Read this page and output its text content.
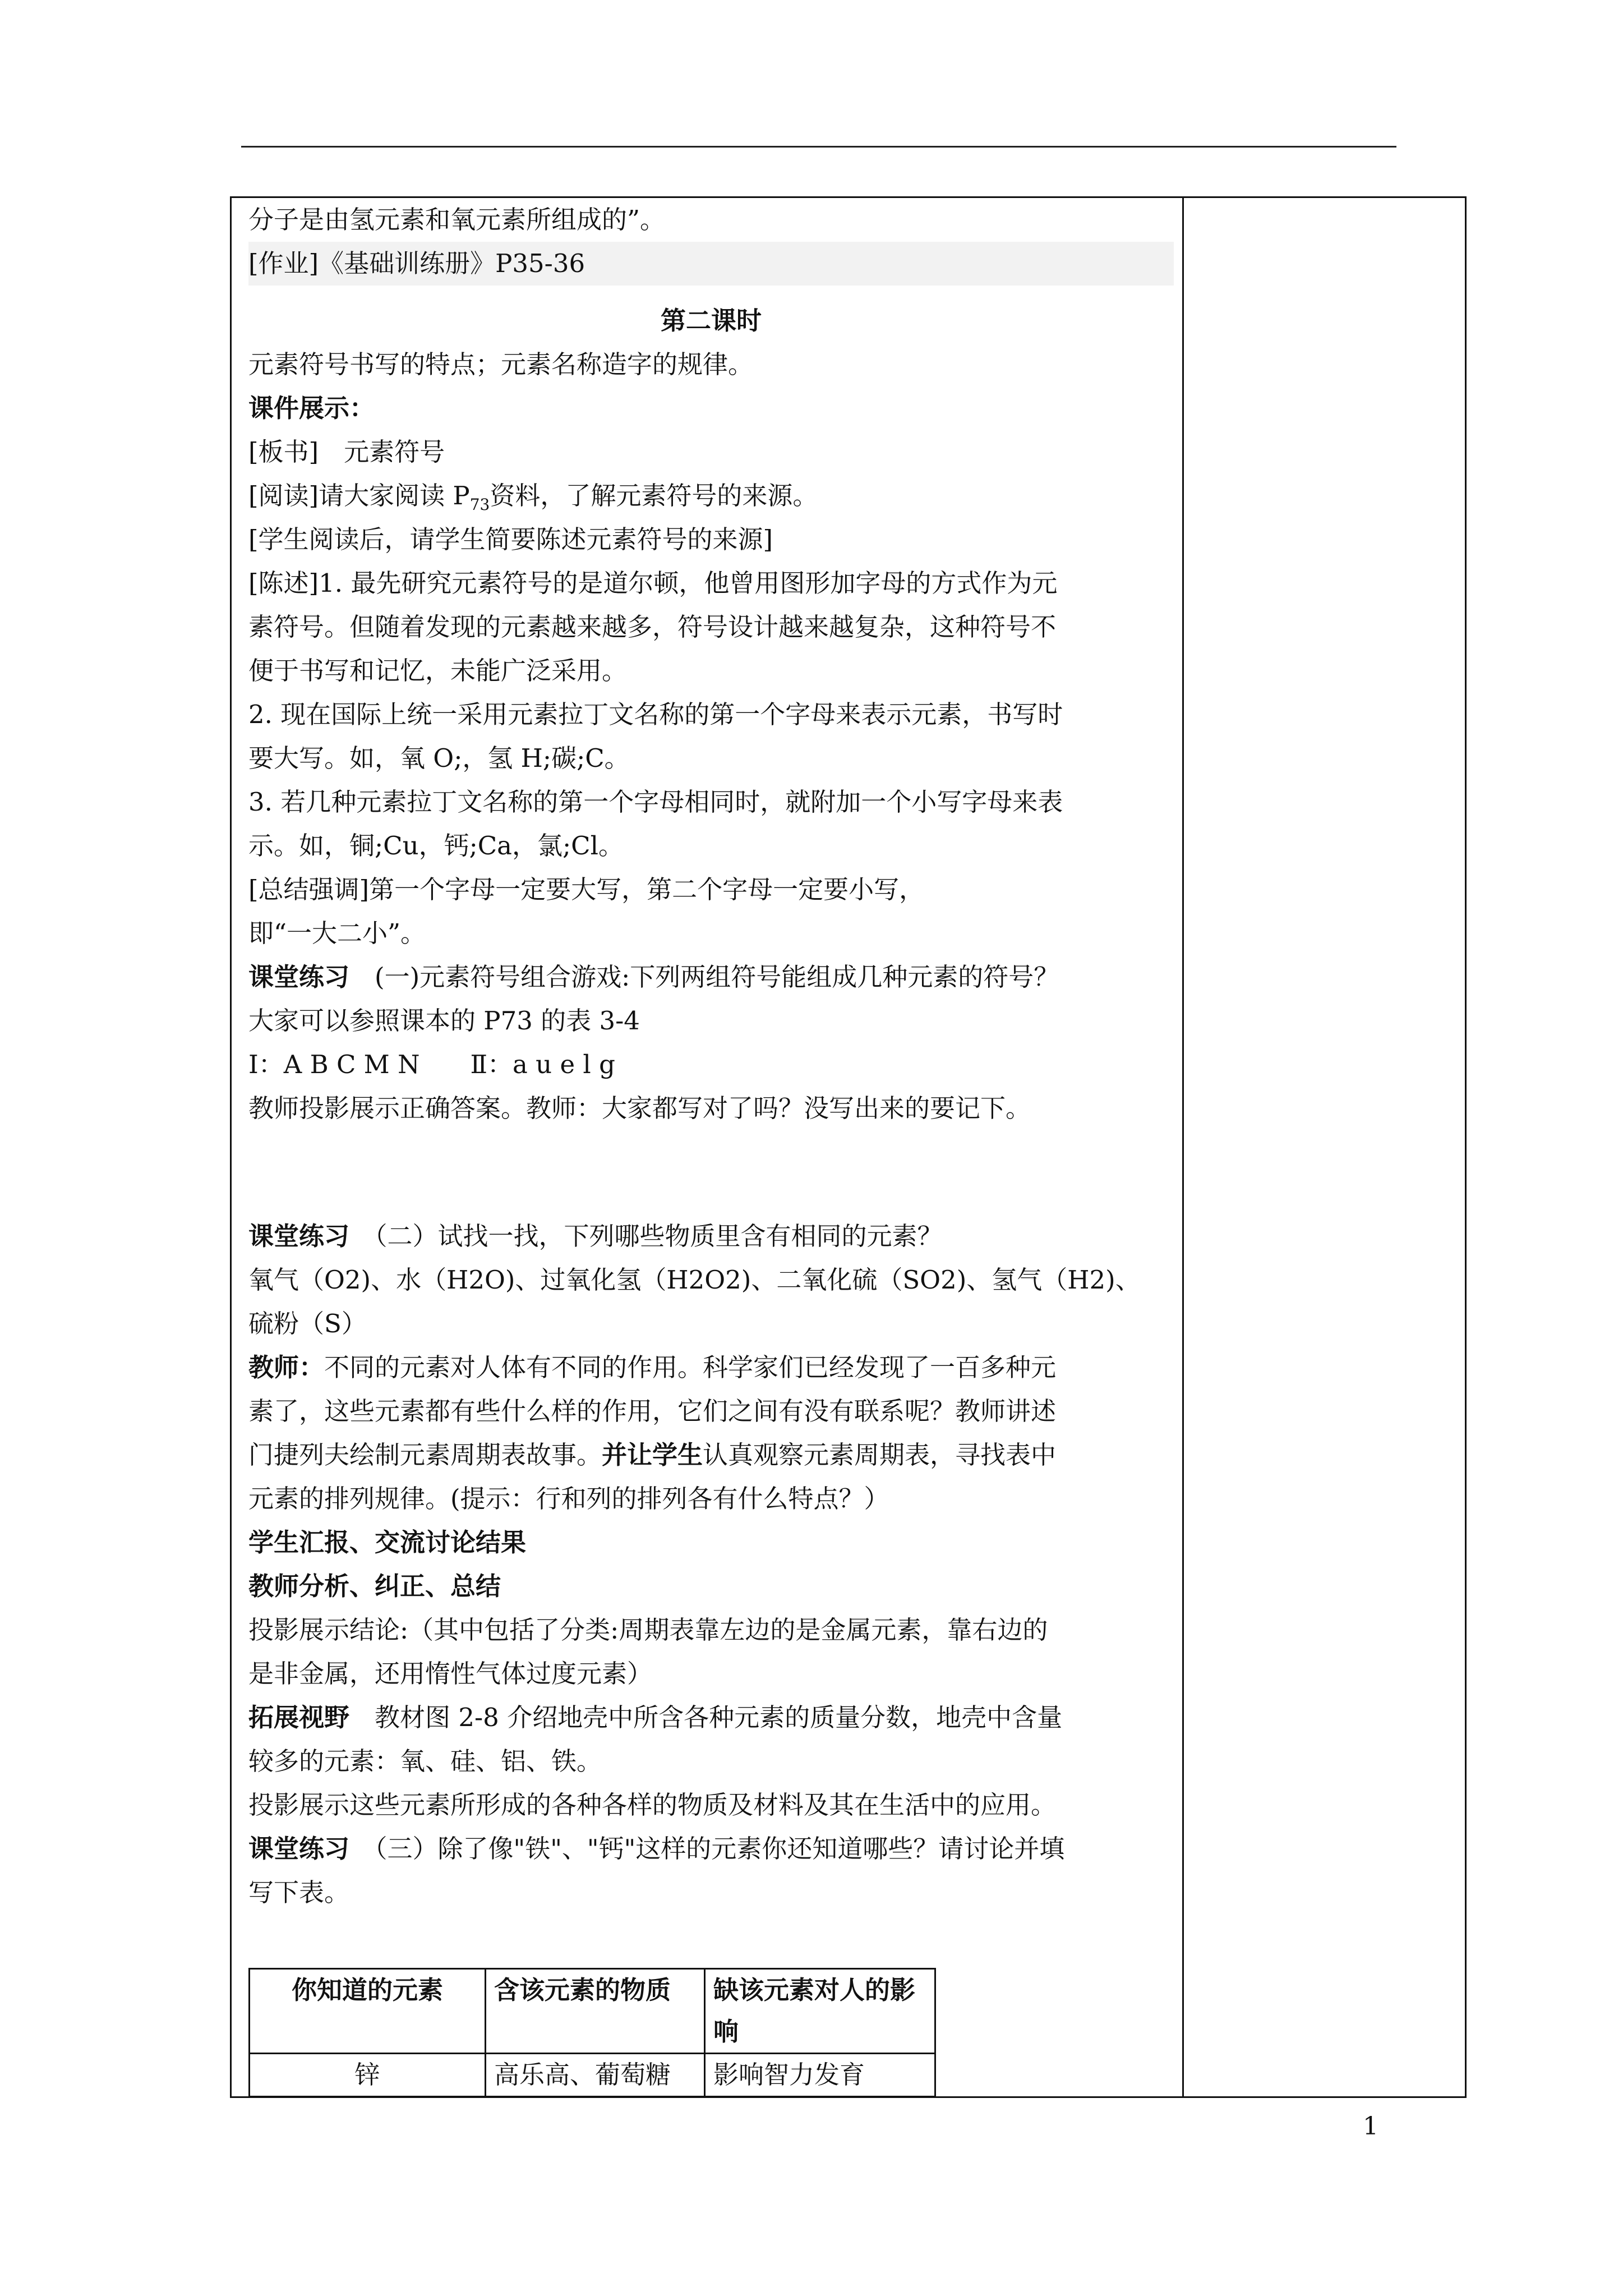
分子是由氢元素和氧元素所组成的”。
[作业]《基础训练册》P35-36
第二课时
元素符号书写的特点；元素名称造字的规律。
课件展示：
[板书]　元素符号
[阅读]请大家阅读 $P_{73}$资料，了解元素符号的来源。
[学生阅读后，请学生简要陈述元素符号的来源]
[陈述]1. 最先研究元素符号的是道尔顿，他曾用图形加字母的方式作为元
素符号。但随着发现的元素越来越多，符号设计越来越复杂，这种符号不
便于书写和记忆，未能广泛采用。
2. 现在国际上统一采用元素拉丁文名称的第一个字母来表示元素，书写时
要大写。如，氧 O;，氢 H;碳;C。
3. 若几种元素拉丁文名称的第一个字母相同时，就附加一个小写字母来表
示。如，铜;Cu，钙;Ca，氯;Cl。
[总结强调]第一个字母一定要大写，第二个字母一定要小写，
即“一大二小”。
课堂练习　(一)元素符号组合游戏:下列两组符号能组成几种元素的符号？
大家可以参照课本的 P73 的表 3-4
Ⅰ：A B C M N　　Ⅱ：a u e l g
教师投影展示正确答案。教师：大家都写对了吗？没写出来的要记下。
课堂练习　（二）试找一找，下列哪些物质里含有相同的元素？
氧气（O2)、水（H2O)、过氧化氢（H2O2)、二氧化硫（SO2)、氢气（H2)、
硫粉（S）
教师：不同的元素对人体有不同的作用。科学家们已经发现了一百多种元
素了，这些元素都有些什么样的作用，它们之间有没有联系呢？教师讲述
门捷列夫绘制元素周期表故事。并让学生认真观察元素周期表，寻找表中
元素的排列规律。(提示：行和列的排列各有什么特点？）
学生汇报、交流讨论结果
教师分析、纠正、总结
投影展示结论:（其中包括了分类:周期表靠左边的是金属元素，靠右边的
是非金属，还用惰性气体过度元素）
拓展视野　教材图 2-8 介绍地壳中所含各种元素的质量分数，地壳中含量
较多的元素：氧、硅、铝、铁。
投影展示这些元素所形成的各种各样的物质及材料及其在生活中的应用。
课堂练习　（三）除了像"铁"、"钙"这样的元素你还知道哪些？请讨论并填
写下表。
你知道的元素	含该元素的物质	缺该元素对人的影响
锌	高乐高、葡萄糖	影响智力发育
1
